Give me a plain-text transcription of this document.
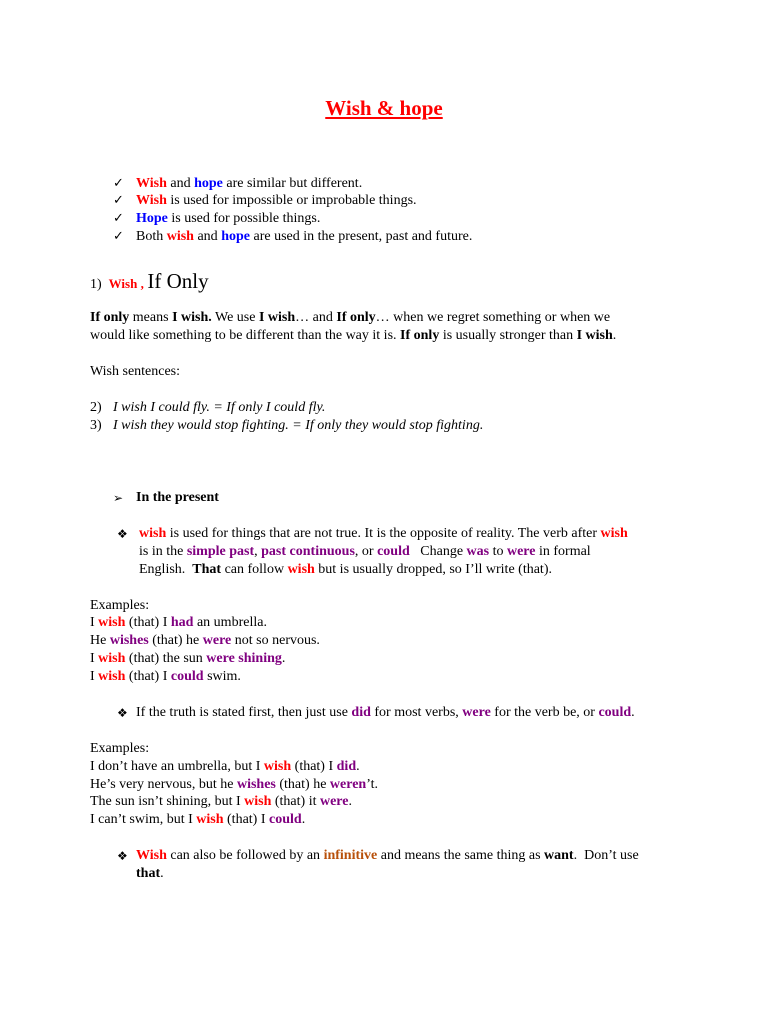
Wish & hope
✓ Wish and hope are similar but different.
✓ Wish is used for impossible or improbable things.
✓ Hope is used for possible things.
✓ Both wish and hope are used in the present, past and future.
1) Wish , If Only
If only means I wish. We use I wish… and If only… when we regret something or when we
would like something to be different than the way it is. If only is usually stronger than I wish.
Wish sentences:
2) I wish I could fly. = If only I could fly.
3) I wish they would stop fighting. = If only they would stop fighting.
➢ In the present
❖ wish is used for things that are not true. It is the opposite of reality. The verb after wish
is in the simple past, past continuous, or could   Change was to were in formal
English.  That can follow wish but is usually dropped, so I’ll write (that).
Examples:
I wish (that) I had an umbrella.
He wishes (that) he were not so nervous.
I wish (that) the sun were shining.
I wish (that) I could swim.
❖ If the truth is stated first, then just use did for most verbs, were for the verb be, or could.
Examples:
I don’t have an umbrella, but I wish (that) I did.
He’s very nervous, but he wishes (that) he weren’t.
The sun isn’t shining, but I wish (that) it were.
I can’t swim, but I wish (that) I could.
❖ Wish can also be followed by an infinitive and means the same thing as want.  Don’t use
that.
